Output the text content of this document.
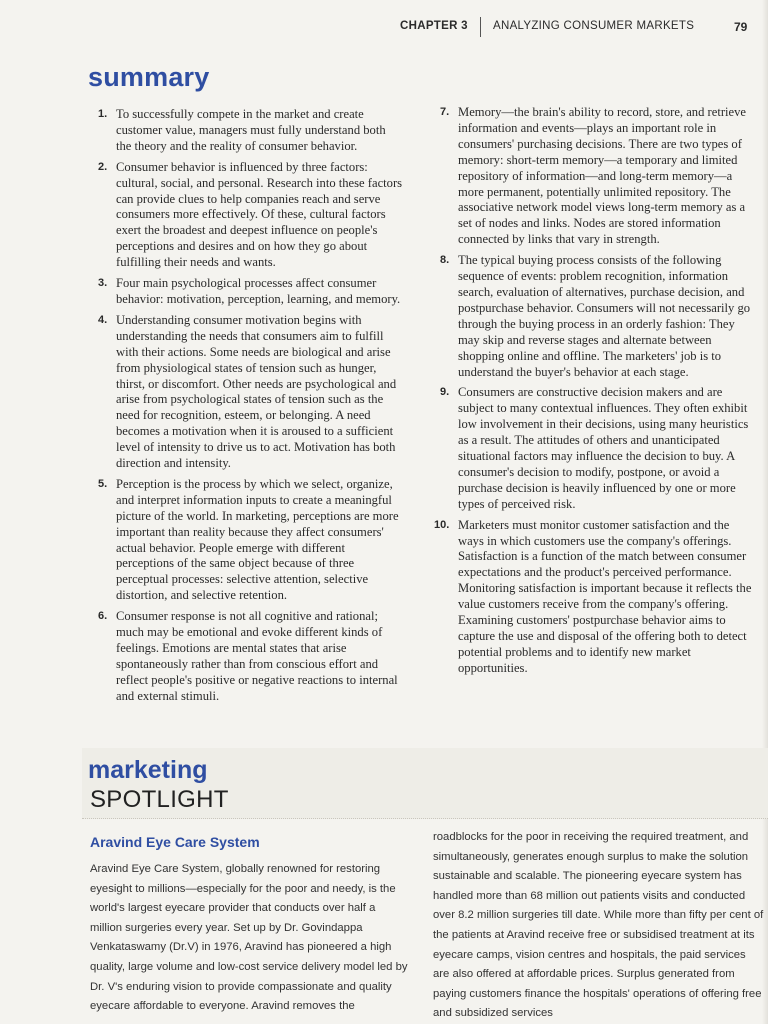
CHAPTER 3 ANALYZING CONSUMER MARKETS	79
summary
1. To successfully compete in the market and create customer value, managers must fully understand both the theory and the reality of consumer behavior.
2. Consumer behavior is influenced by three factors: cultural, social, and personal. Research into these factors can provide clues to help companies reach and serve consumers more effectively. Of these, cultural factors exert the broadest and deepest influence on people's perceptions and desires and on how they go about fulfilling their needs and wants.
3. Four main psychological processes affect consumer behavior: motivation, perception, learning, and memory.
4. Understanding consumer motivation begins with understanding the needs that consumers aim to fulfill with their actions. Some needs are biological and arise from physiological states of tension such as hunger, thirst, or discomfort. Other needs are psychological and arise from psychological states of tension such as the need for recognition, esteem, or belonging. A need becomes a motivation when it is aroused to a sufficient level of intensity to drive us to act. Motivation has both direction and intensity.
5. Perception is the process by which we select, organize, and interpret information inputs to create a meaningful picture of the world. In marketing, perceptions are more important than reality because they affect consumers' actual behavior. People emerge with different perceptions of the same object because of three perceptual processes: selective attention, selective distortion, and selective retention.
6. Consumer response is not all cognitive and rational; much may be emotional and evoke different kinds of feelings. Emotions are mental states that arise spontaneously rather than from conscious effort and reflect people's positive or negative reactions to internal and external stimuli.
7. Memory—the brain's ability to record, store, and retrieve information and events—plays an important role in consumers' purchasing decisions. There are two types of memory: short-term memory—a temporary and limited repository of information—and long-term memory—a more permanent, potentially unlimited repository. The associative network model views long-term memory as a set of nodes and links. Nodes are stored information connected by links that vary in strength.
8. The typical buying process consists of the following sequence of events: problem recognition, information search, evaluation of alternatives, purchase decision, and postpurchase behavior. Consumers will not necessarily go through the buying process in an orderly fashion: They may skip and reverse stages and alternate between shopping online and offline. The marketers' job is to understand the buyer's behavior at each stage.
9. Consumers are constructive decision makers and are subject to many contextual influences. They often exhibit low involvement in their decisions, using many heuristics as a result. The attitudes of others and unanticipated situational factors may influence the decision to buy. A consumer's decision to modify, postpone, or avoid a purchase decision is heavily influenced by one or more types of perceived risk.
10. Marketers must monitor customer satisfaction and the ways in which customers use the company's offerings. Satisfaction is a function of the match between consumer expectations and the product's perceived performance. Monitoring satisfaction is important because it reflects the value customers receive from the company's offering. Examining customers' postpurchase behavior aims to capture the use and disposal of the offering both to detect potential problems and to identify new market opportunities.
marketing
SPOTLIGHT
Aravind Eye Care System

Aravind Eye Care System, globally renowned for restoring eyesight to millions—especially for the poor and needy, is the world's largest eyecare provider that conducts over half a million surgeries every year. Set up by Dr. Govindappa Venkataswamy (Dr.V) in 1976, Aravind has pioneered a high quality, large volume and low-cost service delivery model led by Dr. V's enduring vision to provide compassionate and quality eyecare affordable to everyone. Aravind removes the

roadblocks for the poor in receiving the required treatment, and simultaneously, generates enough surplus to make the solution sustainable and scalable. The pioneering eyecare system has handled more than 68 million out patients visits and conducted over 8.2 million surgeries till date. While more than fifty per cent of the patients at Aravind receive free or subsidised treatment at its eyecare camps, vision centres and hospitals, the paid services are also offered at affordable prices. Surplus generated from paying customers finance the hospitals' operations of offering free and subsidized services
